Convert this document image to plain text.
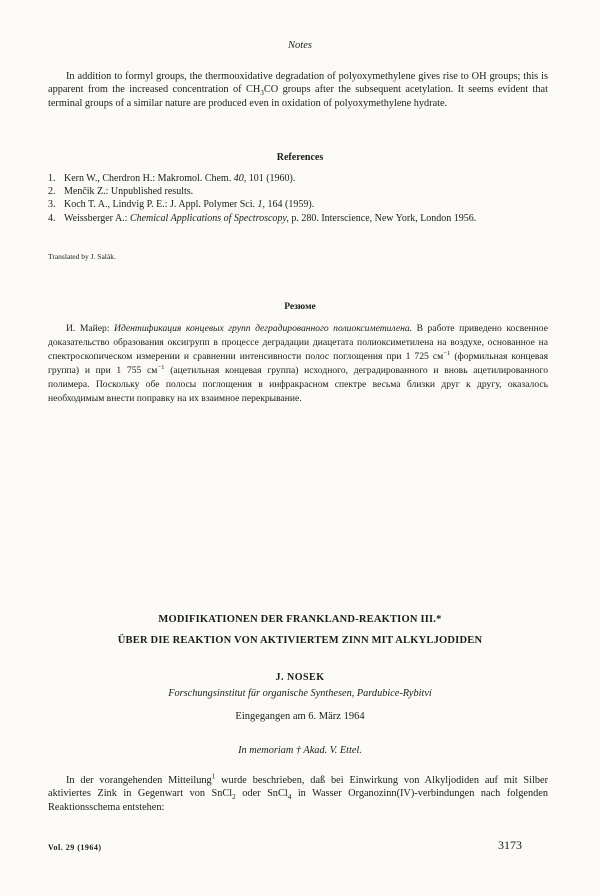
Notes

In addition to formyl groups, the thermooxidative degradation of polyoxymethylene gives rise to OH groups; this is apparent from the increased concentration of $CH_3CO$ groups after the subsequent acetylation. It seems evident that terminal groups of a similar nature are produced even in oxidation of polyoxymethylene hydrate.

References
1. Kern W., Cherdron H.: Makromol. Chem. 40, 101 (1960).
2. Menčik Z.: Unpublished results.
3. Koch T. A., Lindvig P. E.: J. Appl. Polymer Sci. 1, 164 (1959).
4. Weissberger A.: Chemical Applications of Spectroscopy, p. 280. Interscience, New York, London 1956.
Translated by J. Salák.
Резюме

И. Майер: Идентификация концевых групп деградированного полиоксиметилена. В работе приведено косвенное доказательство образования оксигрупп в процессе деградации диацетата полиоксиметилена на воздухе, основанное на спектроскопическом измерении и сравнении интенсивности полос поглощения при 1 725 $см^{-1}$ (формильная концевая группа) и при 1 755 $см^{-1}$ (ацетильная концевая группа) исходного, деградированного и вновь ацетилированного полимера. Поскольку обе полосы поглощения в инфракрасном спектре весьма близки друг к другу, оказалось необходимым внести поправку на их взаимное перекрывание.

MODIFIKATIONEN DER FRANKLAND-REAKTION III.*
ÜBER DIE REAKTION VON AKTIVIERTEM ZINN MIT ALKYLJODIDEN
J. NOSEK
Forschungsinstitut für organische Synthesen, Pardubice-Rybitví
Eingegangen am 6. März 1964
In memoriam † Akad. V. Ettel.

In der vorangehenden Mitteilung$^1$ wurde beschrieben, daß bei Einwirkung von Alkyljodiden auf mit Silber aktiviertes Zink in Gegenwart von SnCl$_2$ oder SnCl$_4$ in Wasser Organozinn(IV)-verbindungen nach folgenden Reaktionsschema entstehen:

Vol. 29 (1964)	3173
